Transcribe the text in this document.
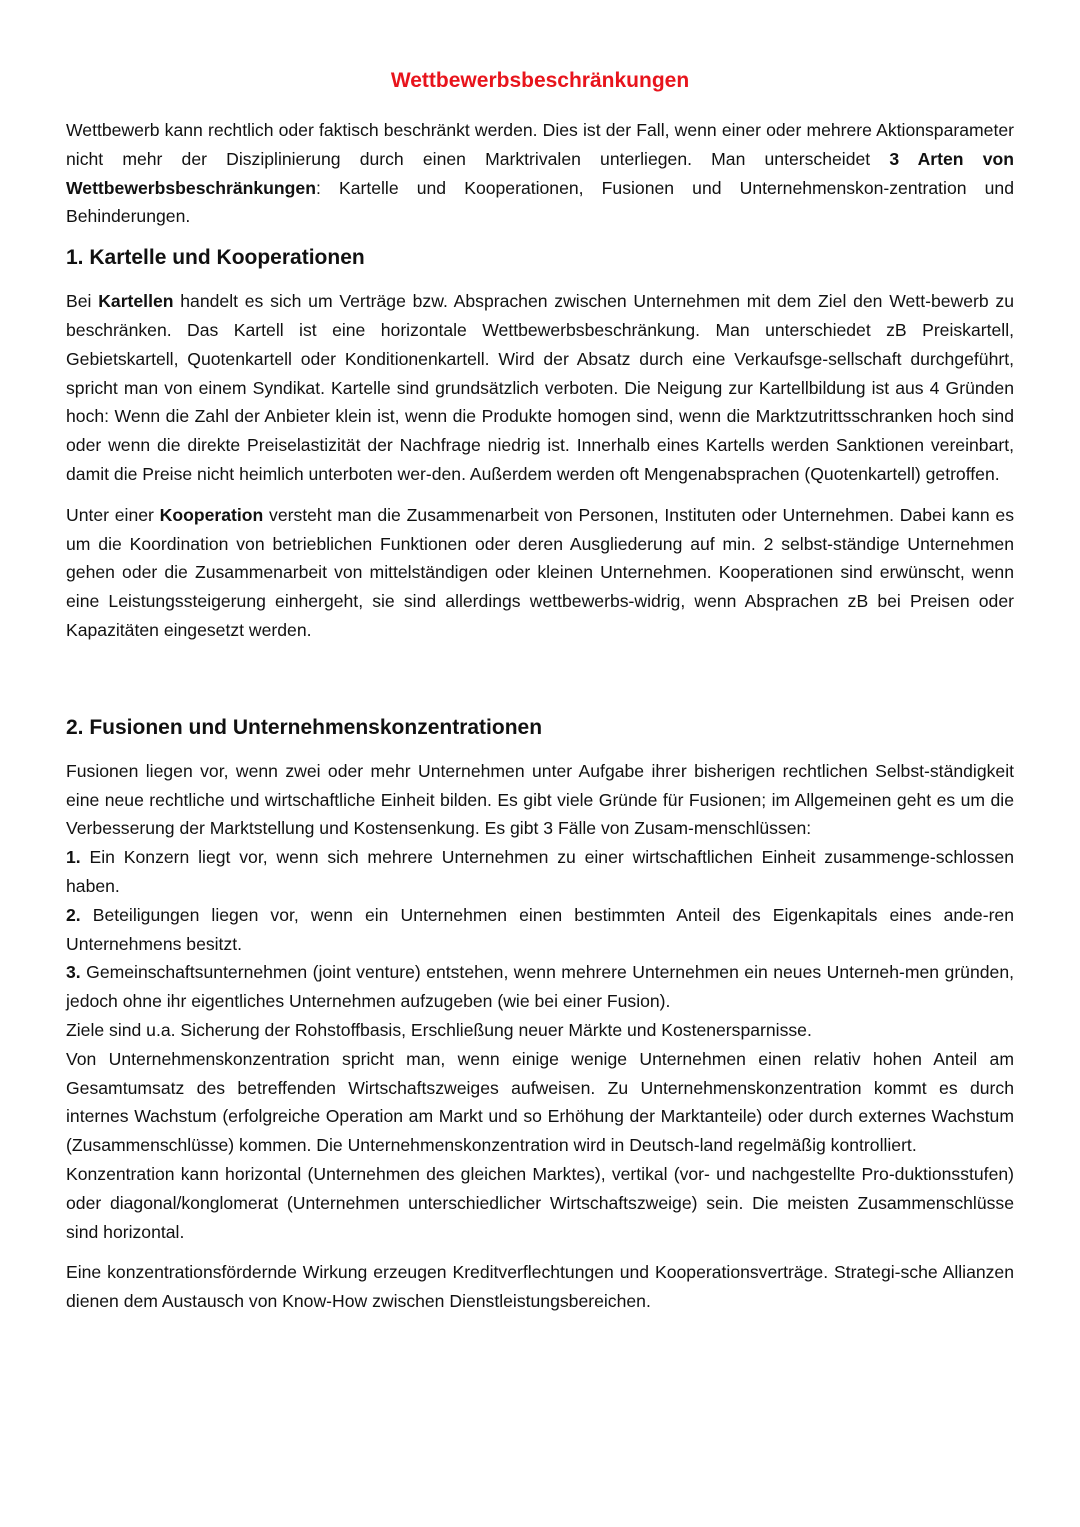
Wettbewerbsbeschränkungen

Wettbewerb kann rechtlich oder faktisch beschränkt werden. Dies ist der Fall, wenn einer oder mehrere Aktionsparameter nicht mehr der Disziplinierung durch einen Marktrivalen unterliegen. Man unterscheidet 3 Arten von Wettbewerbsbeschränkungen: Kartelle und Kooperationen, Fusionen und Unternehmenskon-zentration und Behinderungen.

1. Kartelle und Kooperationen

Bei Kartellen handelt es sich um Verträge bzw. Absprachen zwischen Unternehmen mit dem Ziel den Wett-bewerb zu beschränken. Das Kartell ist eine horizontale Wettbewerbsbeschränkung. Man unterschiedet zB Preiskartell, Gebietskartell, Quotenkartell oder Konditionenkartell. Wird der Absatz durch eine Verkaufsge-sellschaft durchgeführt, spricht man von einem Syndikat. Kartelle sind grundsätzlich verboten. Die Neigung zur Kartellbildung ist aus 4 Gründen hoch: Wenn die Zahl der Anbieter klein ist, wenn die Produkte homogen sind, wenn die Marktzutrittsschranken hoch sind oder wenn die direkte Preiselastizität der Nachfrage niedrig ist. Innerhalb eines Kartells werden Sanktionen vereinbart, damit die Preise nicht heimlich unterboten wer-den. Außerdem werden oft Mengenabsprachen (Quotenkartell) getroffen.

Unter einer Kooperation versteht man die Zusammenarbeit von Personen, Instituten oder Unternehmen. Dabei kann es um die Koordination von betrieblichen Funktionen oder deren Ausgliederung auf min. 2 selbst-ständige Unternehmen gehen oder die Zusammenarbeit von mittelständigen oder kleinen Unternehmen. Kooperationen sind erwünscht, wenn eine Leistungssteigerung einhergeht, sie sind allerdings wettbewerbs-widrig, wenn Absprachen zB bei Preisen oder Kapazitäten eingesetzt werden.

2. Fusionen und Unternehmenskonzentrationen

Fusionen liegen vor, wenn zwei oder mehr Unternehmen unter Aufgabe ihrer bisherigen rechtlichen Selbst-ständigkeit eine neue rechtliche und wirtschaftliche Einheit bilden. Es gibt viele Gründe für Fusionen; im Allgemeinen geht es um die Verbesserung der Marktstellung und Kostensenkung. Es gibt 3 Fälle von Zusam-menschlüssen:

1. Ein Konzern liegt vor, wenn sich mehrere Unternehmen zu einer wirtschaftlichen Einheit zusammenge-schlossen haben.

2. Beteiligungen liegen vor, wenn ein Unternehmen einen bestimmten Anteil des Eigenkapitals eines ande-ren Unternehmens besitzt.

3. Gemeinschaftsunternehmen (joint venture) entstehen, wenn mehrere Unternehmen ein neues Unterneh-men gründen, jedoch ohne ihr eigentliches Unternehmen aufzugeben (wie bei einer Fusion).

Ziele sind u.a. Sicherung der Rohstoffbasis, Erschließung neuer Märkte und Kostenersparnisse.

Von Unternehmenskonzentration spricht man, wenn einige wenige Unternehmen einen relativ hohen Anteil am Gesamtumsatz des betreffenden Wirtschaftszweiges aufweisen. Zu Unternehmenskonzentration kommt es durch internes Wachstum (erfolgreiche Operation am Markt und so Erhöhung der Marktanteile) oder durch externes Wachstum (Zusammenschlüsse) kommen. Die Unternehmenskonzentration wird in Deutsch-land regelmäßig kontrolliert.

Konzentration kann horizontal (Unternehmen des gleichen Marktes), vertikal (vor- und nachgestellte Pro-duktionsstufen) oder diagonal/konglomerat (Unternehmen unterschiedlicher Wirtschaftszweige) sein. Die meisten Zusammenschlüsse sind horizontal.

Eine konzentrationsfördernde Wirkung erzeugen Kreditverflechtungen und Kooperationsverträge. Strategi-sche Allianzen dienen dem Austausch von Know-How zwischen Dienstleistungsbereichen.
